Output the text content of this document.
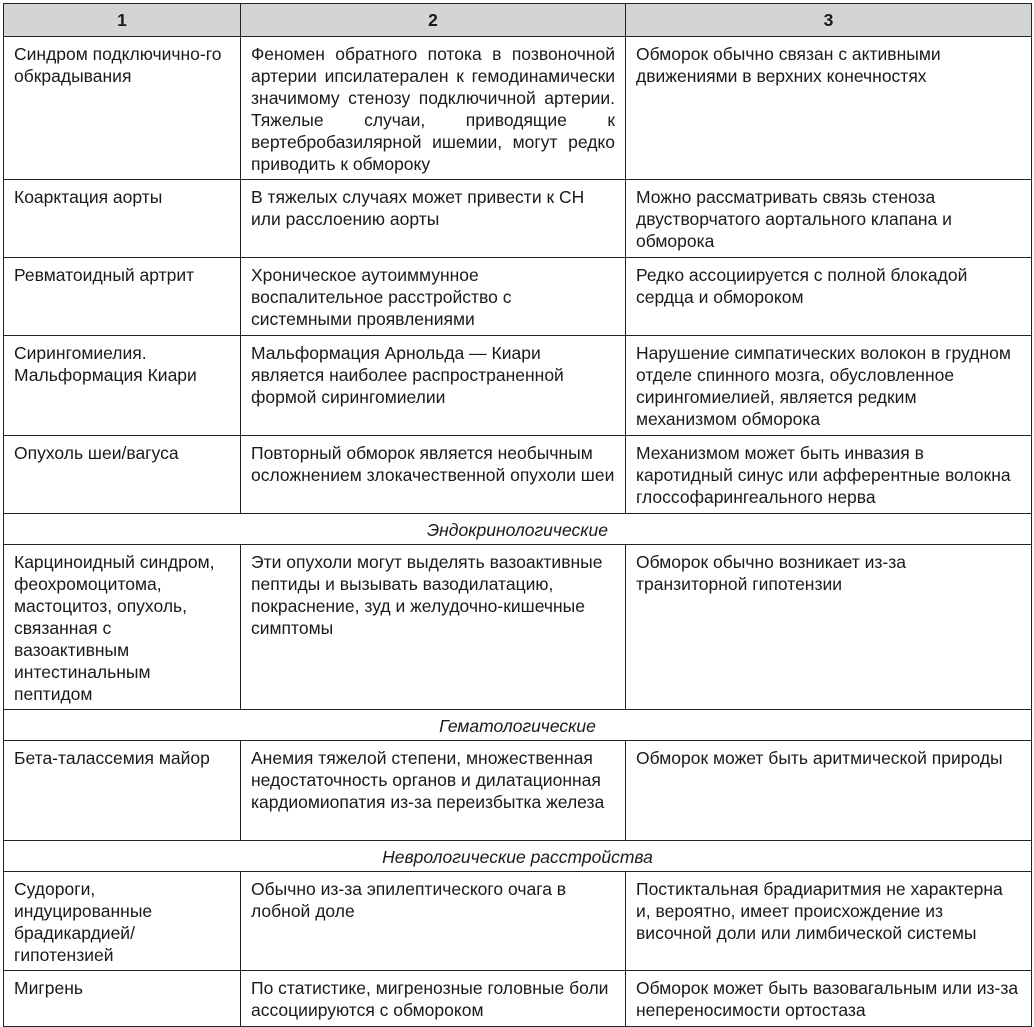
1	2	3
Синдром подключично-го обкрадывания	Феномен обратного потока в позвоночной артерии ипсилатерален к гемодинамически значимому стенозу подключичной артерии. Тяжелые случаи, приводящие к вертебробазилярной ишемии, могут редко приводить к обмороку	Обморок обычно связан с активными движениями в верхних конечностях
Коарктация аорты	В тяжелых случаях может привести к СН или расслоению аорты	Можно рассматривать связь стеноза двустворчатого аортального клапана и обморока
Ревматоидный артрит	Хроническое аутоиммунное воспалительное расстройство с системными проявлениями	Редко ассоциируется с полной блокадой сердца и обмороком
Сирингомиелия. Мальформация Киари	Мальформация Арнольда — Киари является наиболее распространенной формой сирингомиелии	Нарушение симпатических волокон в грудном отделе спинного мозга, обусловленное сирингомиелией, является редким механизмом обморока
Опухоль шеи/вагуса	Повторный обморок является необычным осложнением злокачественной опухоли шеи	Механизмом может быть инвазия в каротидный синус или афферентные волокна глоссофарингеального нерва
Эндокринологические		
Карциноидный синдром, феохромоцитома, мастоцитоз, опухоль, связанная с вазоактивным интестинальным пептидом	Эти опухоли могут выделять вазоактивные пептиды и вызывать вазодилатацию, покраснение, зуд и желудочно-кишечные симптомы	Обморок обычно возникает из-за транзиторной гипотензии
Гематологические		
Бета-талассемия майор	Анемия тяжелой степени, множественная недостаточность органов и дилатационная кардиомиопатия из-за переизбытка железа	Обморок может быть аритмической природы
Неврологические расстройства		
Судороги, индуцированные брадикардией/гипотензией	Обычно из-за эпилептического очага в лобной доле	Постиктальная брадиаритмия не характерна и, вероятно, имеет происхождение из височной доли или лимбической системы
Мигрень	По статистике, мигренозные головные боли ассоциируются с обмороком	Обморок может быть вазовагальным или из-за непереносимости ортостаза
